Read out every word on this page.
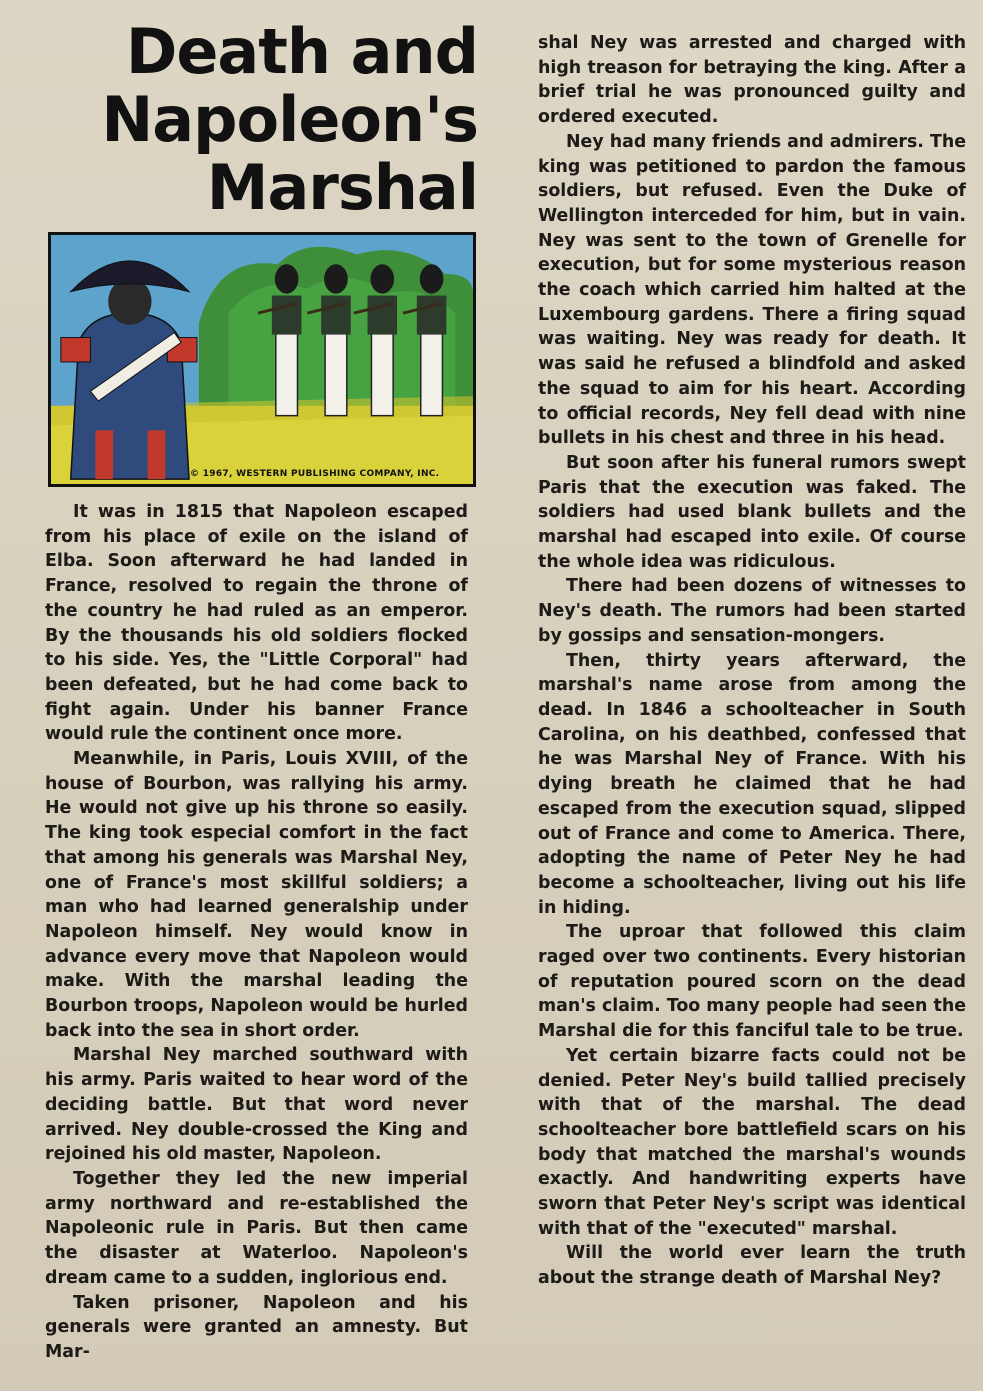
Death and
Napoleon's
Marshal
© 1967, WESTERN PUBLISHING COMPANY, INC.

It was in 1815 that Napoleon escaped from his place of exile on the island of Elba. Soon afterward he had landed in France, resolved to regain the throne of the country he had ruled as an emperor. By the thousands his old soldiers flocked to his side. Yes, the "Little Corporal" had been defeated, but he had come back to fight again. Under his banner France would rule the continent once more.

Meanwhile, in Paris, Louis XVIII, of the house of Bourbon, was rallying his army. He would not give up his throne so easily. The king took especial comfort in the fact that among his generals was Marshal Ney, one of France's most skillful soldiers; a man who had learned generalship under Napoleon himself. Ney would know in advance every move that Napoleon would make. With the marshal leading the Bourbon troops, Napoleon would be hurled back into the sea in short order.

Marshal Ney marched southward with his army. Paris waited to hear word of the deciding battle. But that word never arrived. Ney double-crossed the King and rejoined his old master, Napoleon.

Together they led the new imperial army northward and re-established the Napoleonic rule in Paris. But then came the disaster at Waterloo. Napoleon's dream came to a sudden, inglorious end.

Taken prisoner, Napoleon and his generals were granted an amnesty. But Mar-

shal Ney was arrested and charged with high treason for betraying the king. After a brief trial he was pronounced guilty and ordered executed.

Ney had many friends and admirers. The king was petitioned to pardon the famous soldiers, but refused. Even the Duke of Wellington interceded for him, but in vain. Ney was sent to the town of Grenelle for execution, but for some mysterious reason the coach which carried him halted at the Luxembourg gardens. There a firing squad was waiting. Ney was ready for death. It was said he refused a blindfold and asked the squad to aim for his heart. According to official records, Ney fell dead with nine bullets in his chest and three in his head.

But soon after his funeral rumors swept Paris that the execution was faked. The soldiers had used blank bullets and the marshal had escaped into exile. Of course the whole idea was ridiculous.

There had been dozens of witnesses to Ney's death. The rumors had been started by gossips and sensation-mongers.

Then, thirty years afterward, the marshal's name arose from among the dead. In 1846 a schoolteacher in South Carolina, on his deathbed, confessed that he was Marshal Ney of France. With his dying breath he claimed that he had escaped from the execution squad, slipped out of France and come to America. There, adopting the name of Peter Ney he had become a schoolteacher, living out his life in hiding.

The uproar that followed this claim raged over two continents. Every historian of reputation poured scorn on the dead man's claim. Too many people had seen the Marshal die for this fanciful tale to be true.

Yet certain bizarre facts could not be denied. Peter Ney's build tallied precisely with that of the marshal. The dead schoolteacher bore battlefield scars on his body that matched the marshal's wounds exactly. And handwriting experts have sworn that Peter Ney's script was identical with that of the "executed" marshal.

Will the world ever learn the truth about the strange death of Marshal Ney?
